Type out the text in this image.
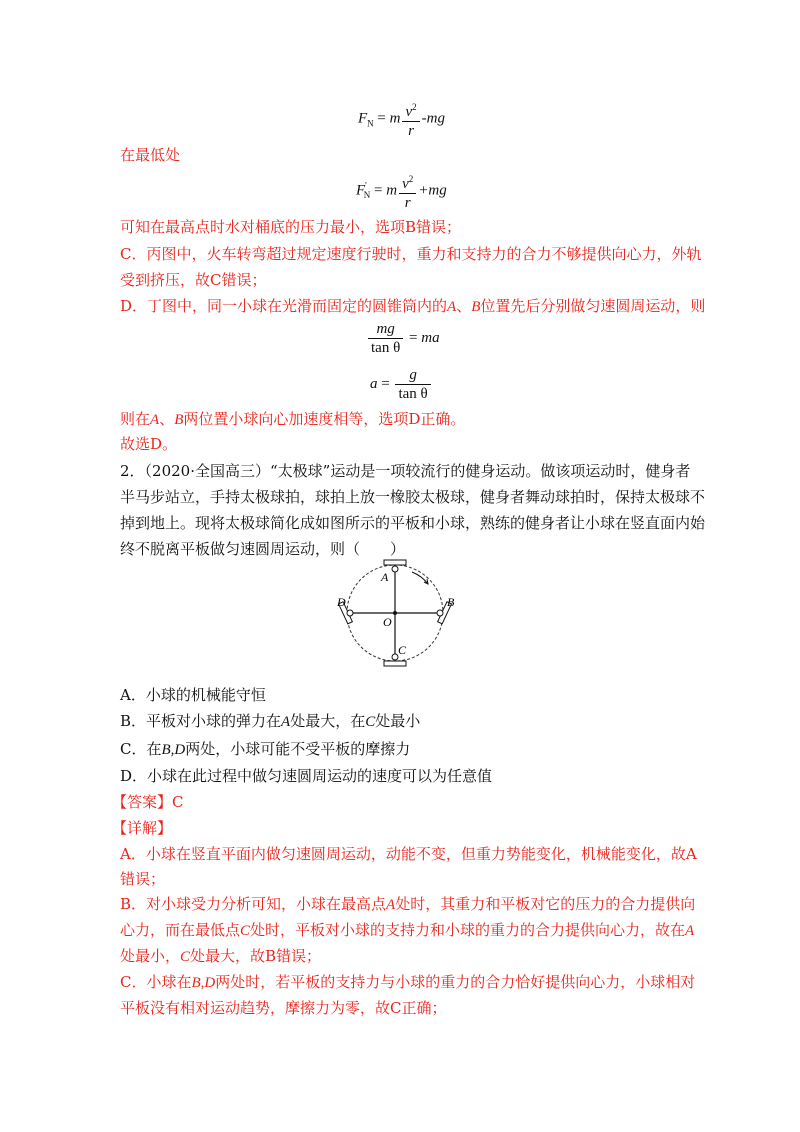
$F_N = m \frac{v^2}{r} -mg$
在最低处
$F'_N = m \frac{v^2}{r} +mg$
可知在最高点时水对桶底的压力最小，选项B错误；
C．丙图中，火车转弯超过规定速度行驶时，重力和支持力的合力不够提供向心力，外轨
受到挤压，故C错误；
D．丁图中，同一小球在光滑而固定的圆锥筒内的A、B位置先后分别做匀速圆周运动，则
$\frac{mg}{\text{tan θ}}$ = ma
$a = \frac{g}{\text{tan θ}}$
则在A、B两位置小球向心加速度相等，选项D正确。
故选D。
2．（2020·全国高三）“太极球”运动是一项较流行的健身运动。做该项运动时，健身者
半马步站立，手持太极球拍，球拍上放一橡胶太极球，健身者舞动球拍时，保持太极球不
掉到地上。现将太极球简化成如图所示的平板和小球，熟练的健身者让小球在竖直面内始
终不脱离平板做匀速圆周运动，则（　　）
A
B
C
D
O
A．小球的机械能守恒
B．平板对小球的弹力在A处最大，在C处最小
C．在B,D两处，小球可能不受平板的摩擦力
D．小球在此过程中做匀速圆周运动的速度可以为任意值
【答案】C
【详解】
A．小球在竖直平面内做匀速圆周运动，动能不变，但重力势能变化，机械能变化，故A
错误；
B．对小球受力分析可知，小球在最高点A处时，其重力和平板对它的压力的合力提供向
心力，而在最低点C处时，平板对小球的支持力和小球的重力的合力提供向心力，故在A
处最小，C处最大，故B错误；
C．小球在B,D两处时，若平板的支持力与小球的重力的合力恰好提供向心力，小球相对
平板没有相对运动趋势，摩擦力为零，故C正确；
